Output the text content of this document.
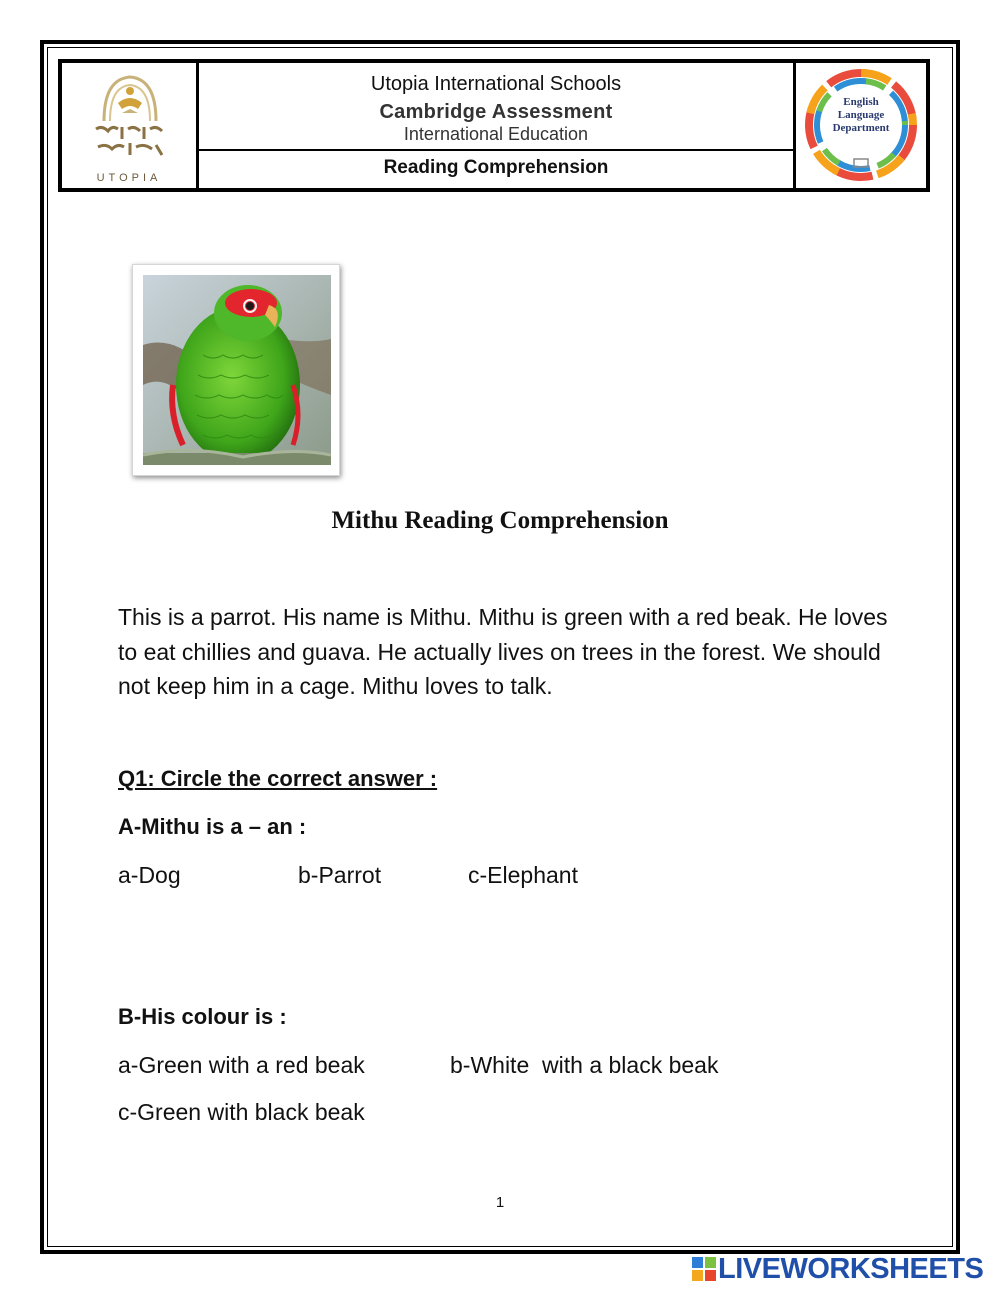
UTOPIA
Utopia International Schools
Cambridge Assessment
International Education
Reading Comprehension
English
Language
Department
Mithu Reading Comprehension
This is a parrot. His name is Mithu. Mithu is green with a red beak. He loves to eat chillies and guava. He actually lives on trees in the forest. We should not keep him in a cage. Mithu loves to talk.
Q1: Circle the correct answer :
A-Mithu is a – an :
a-Dog	b-Parrot	c-Elephant
B-His colour is :
a-Green with a red beak	b-White  with a black beak
c-Green with black beak
1
LIVEWORKSHEETS
